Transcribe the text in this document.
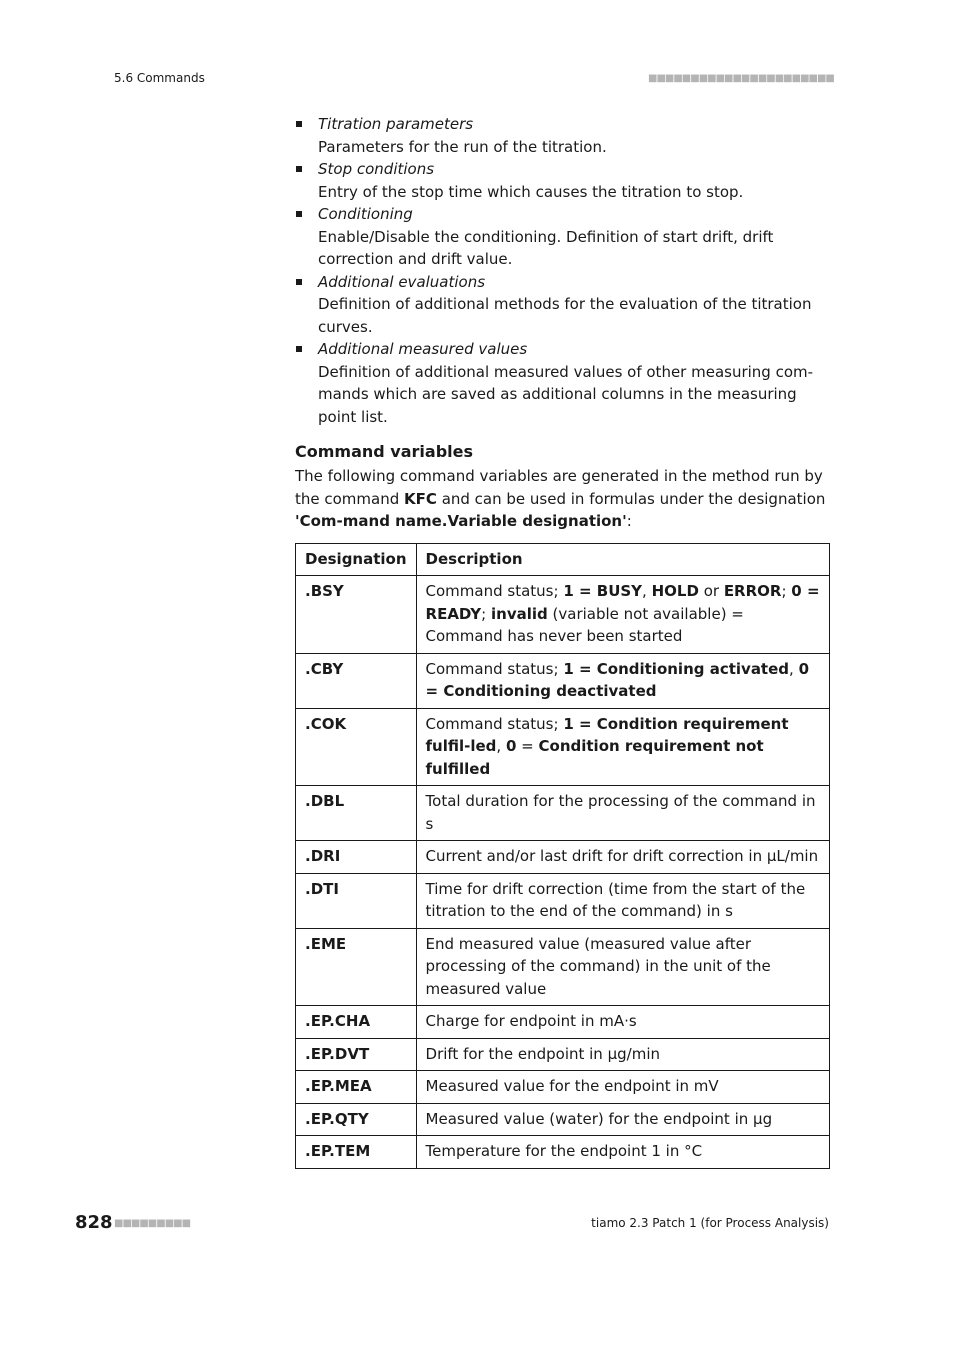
5.6 Commands	■■■■■■■■■■■■■■■■■■■■■■
Titration parameters
Parameters for the run of the titration.
Stop conditions
Entry of the stop time which causes the titration to stop.
Conditioning
Enable/Disable the conditioning. Definition of start drift, drift correction and drift value.
Additional evaluations
Definition of additional methods for the evaluation of the titration curves.
Additional measured values
Definition of additional measured values of other measuring com-mands which are saved as additional columns in the measuring point list.
Command variables

The following command variables are generated in the method run by the command KFC and can be used in formulas under the designation 'Com-mand name.Variable designation':

Designation	Description
.BSY	Command status; 1 = BUSY, HOLD or ERROR; 0 = READY; invalid (variable not available) = Command has never been started
.CBY	Command status; 1 = Conditioning activated, 0 = Conditioning deactivated
.COK	Command status; 1 = Condition requirement fulfil-led, 0 = Condition requirement not fulfilled
.DBL	Total duration for the processing of the command in s
.DRI	Current and/or last drift for drift correction in µL/min
.DTI	Time for drift correction (time from the start of the titration to the end of the command) in s
.EME	End measured value (measured value after processing of the command) in the unit of the measured value
.EP.CHA	Charge for endpoint in mA·s
.EP.DVT	Drift for the endpoint in µg/min
.EP.MEA	Measured value for the endpoint in mV
.EP.QTY	Measured value (water) for the endpoint in µg
.EP.TEM	Temperature for the endpoint 1 in °C
828 ■■■■■■■■■	tiamo 2.3 Patch 1 (for Process Analysis)
